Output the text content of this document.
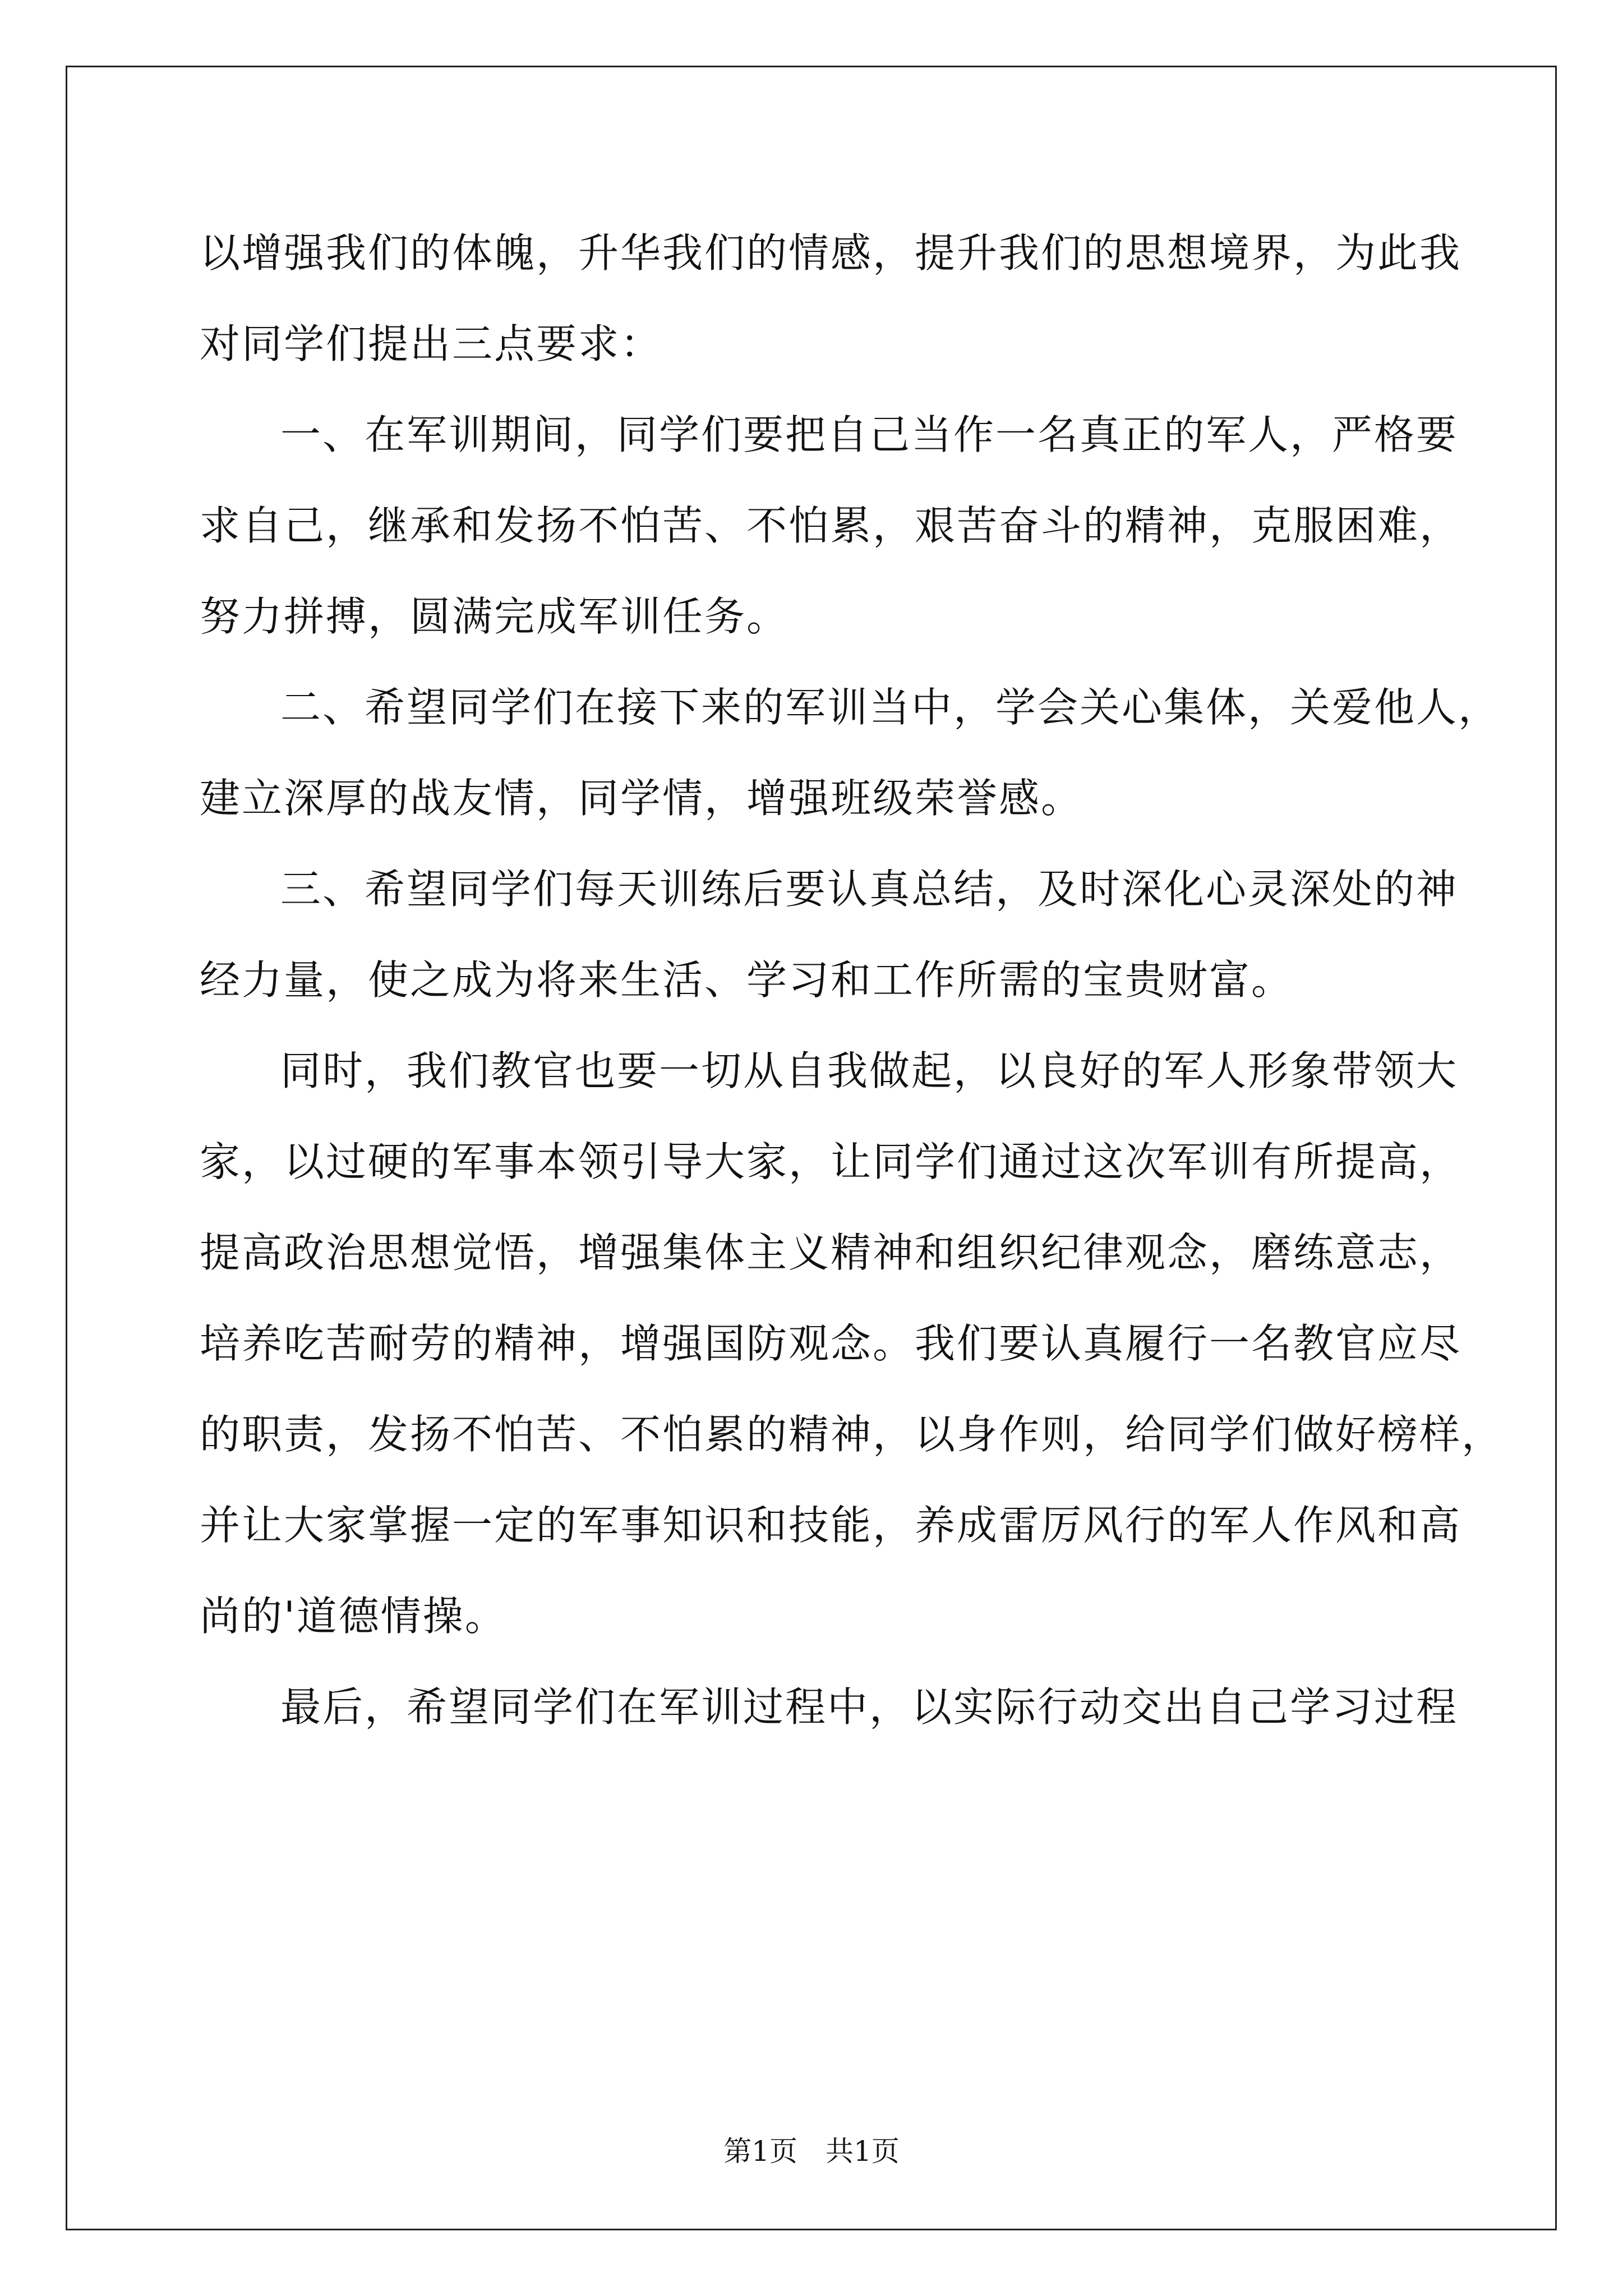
以增强我们的体魄，升华我们的情感，提升我们的思想境界，为此我
对同学们提出三点要求：
一、在军训期间，同学们要把自己当作一名真正的军人，严格要
求自己，继承和发扬不怕苦、不怕累，艰苦奋斗的精神，克服困难，
努力拼搏，圆满完成军训任务。
二、希望同学们在接下来的军训当中，学会关心集体，关爱他人，
建立深厚的战友情，同学情，增强班级荣誉感。
三、希望同学们每天训练后要认真总结，及时深化心灵深处的神
经力量，使之成为将来生活、学习和工作所需的宝贵财富。
同时，我们教官也要一切从自我做起，以良好的军人形象带领大
家，以过硬的军事本领引导大家，让同学们通过这次军训有所提高，
提高政治思想觉悟，增强集体主义精神和组织纪律观念，磨练意志，
培养吃苦耐劳的精神，增强国防观念。我们要认真履行一名教官应尽
的职责，发扬不怕苦、不怕累的精神，以身作则，给同学们做好榜样，
并让大家掌握一定的军事知识和技能，养成雷厉风行的军人作风和高
尚的'道德情操。
最后，希望同学们在军训过程中，以实际行动交出自己学习过程
第1页　共1页
